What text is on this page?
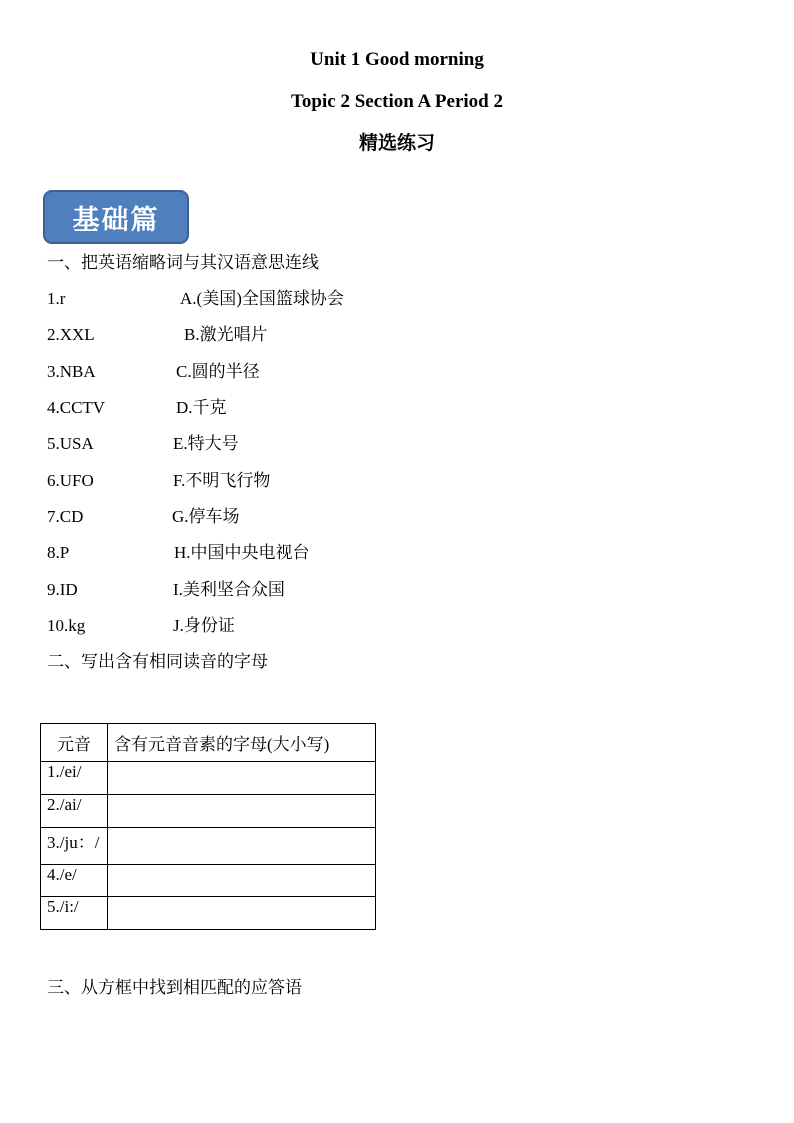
Unit 1 Good morning
Topic 2 Section A Period 2
精选练习
基础篇
一、把英语缩略词与其汉语意思连线
1.r	A.(美国)全国篮球协会
2.XXL	B.激光唱片
3.NBA	C.圆的半径
4.CCTV	D.千克
5.USA	E.特大号
6.UFO	F.不明飞行物
7.CD	G.停车场
8.P	H.中国中央电视台
9.ID	I.美利坚合众国
10.kg	J.身份证
二、写出含有相同读音的字母
元音	含有元音音素的字母(大小写)
1./ei/	
2./ai/	
3./ju：/	
4./e/	
5./i:/	
三、从方框中找到相匹配的应答语
